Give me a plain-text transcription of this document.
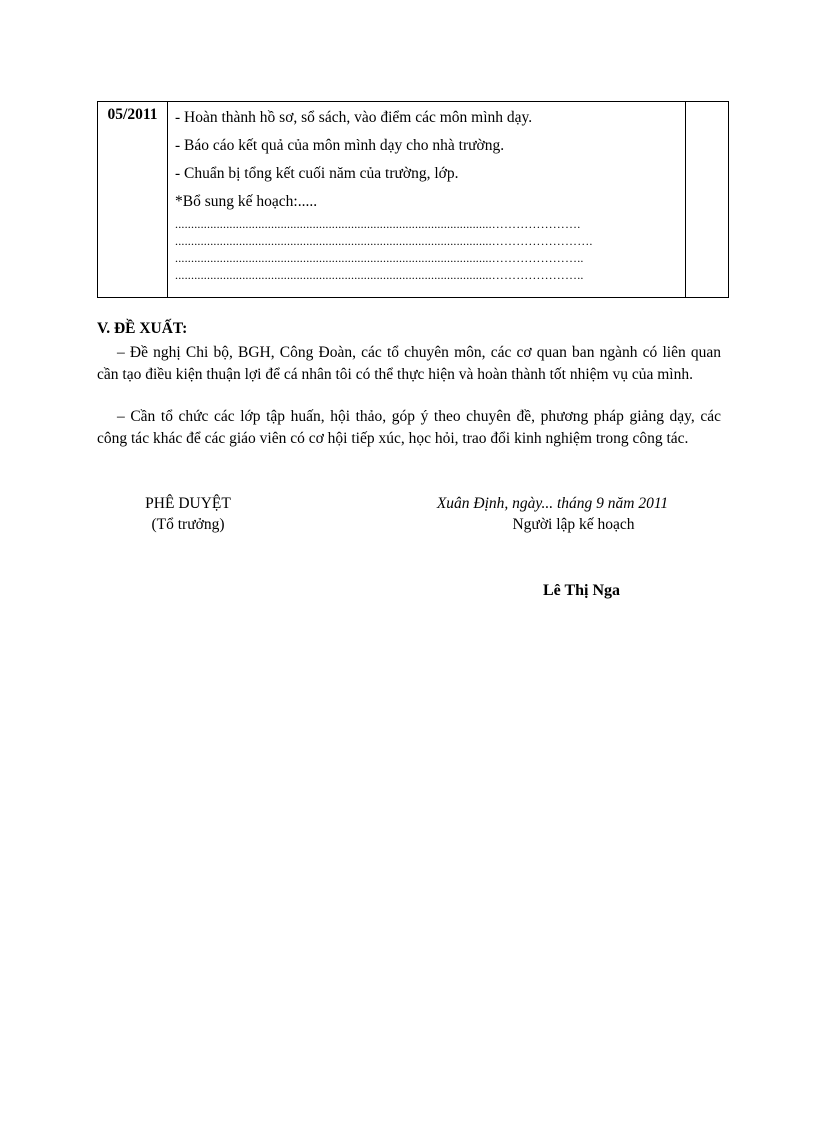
05/2011	- Hoàn thành hồ sơ, sổ sách, vào điểm các môn mình dạy.
- Báo cáo kết quả của môn mình dạy cho nhà trường.
- Chuẩn bị tổng kết cuối năm của trường, lớp.
*Bổ sung kế hoạch:.....
...................................................................................................………………….
...................................................................................................…………………….
...................................................................................................…………………..
...................................................................................................…………………..

V. ĐỀ XUẤT:
– Đề nghị Chi bộ, BGH, Công Đoàn, các tổ chuyên môn, các cơ quan ban ngành có liên quan cần tạo điều kiện thuận lợi để cá nhân tôi có thể thực hiện và hoàn thành tốt nhiệm vụ của mình.
– Cần tổ chức các lớp tập huấn, hội thảo, góp ý theo chuyên đề, phương pháp giảng dạy, các công tác khác để các giáo viên có cơ hội tiếp xúc, học hỏi, trao đổi kinh nghiệm trong công tác.
PHÊ DUYỆT
(Tổ trưởng)
Xuân Định, ngày... tháng 9 năm 2011
Người lập kế hoạch
Lê Thị Nga
